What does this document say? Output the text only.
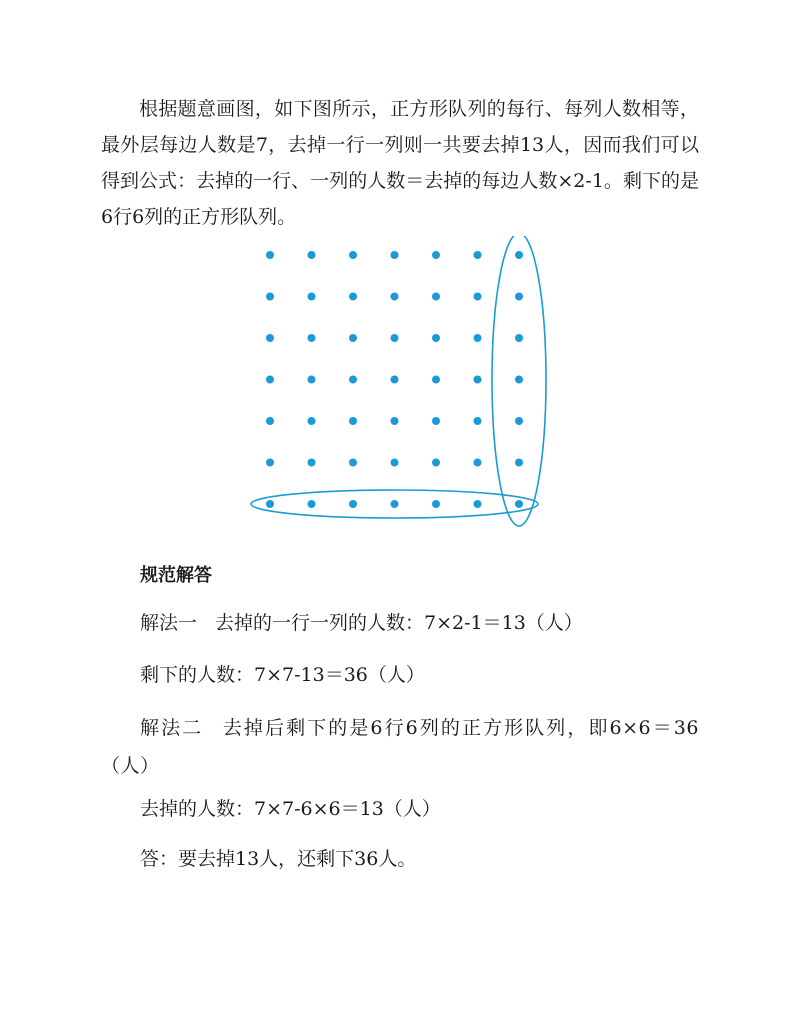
根据题意画图，如下图所示，正方形队列的每行、每列人数相等，最外层每边人数是7，去掉一行一列则一共要去掉13人，因而我们可以得到公式：去掉的一行、一列的人数＝去掉的每边人数×2-1。剩下的是6行6列的正方形队列。

规范解答

解法一 去掉的一行一列的人数：7×2-1＝13（人）

剩下的人数：7×7-13＝36（人）

解法二 去掉后剩下的是6行6列的正方形队列，即6×6＝36（人）

去掉的人数：7×7-6×6＝13（人）

答：要去掉13人，还剩下36人。
